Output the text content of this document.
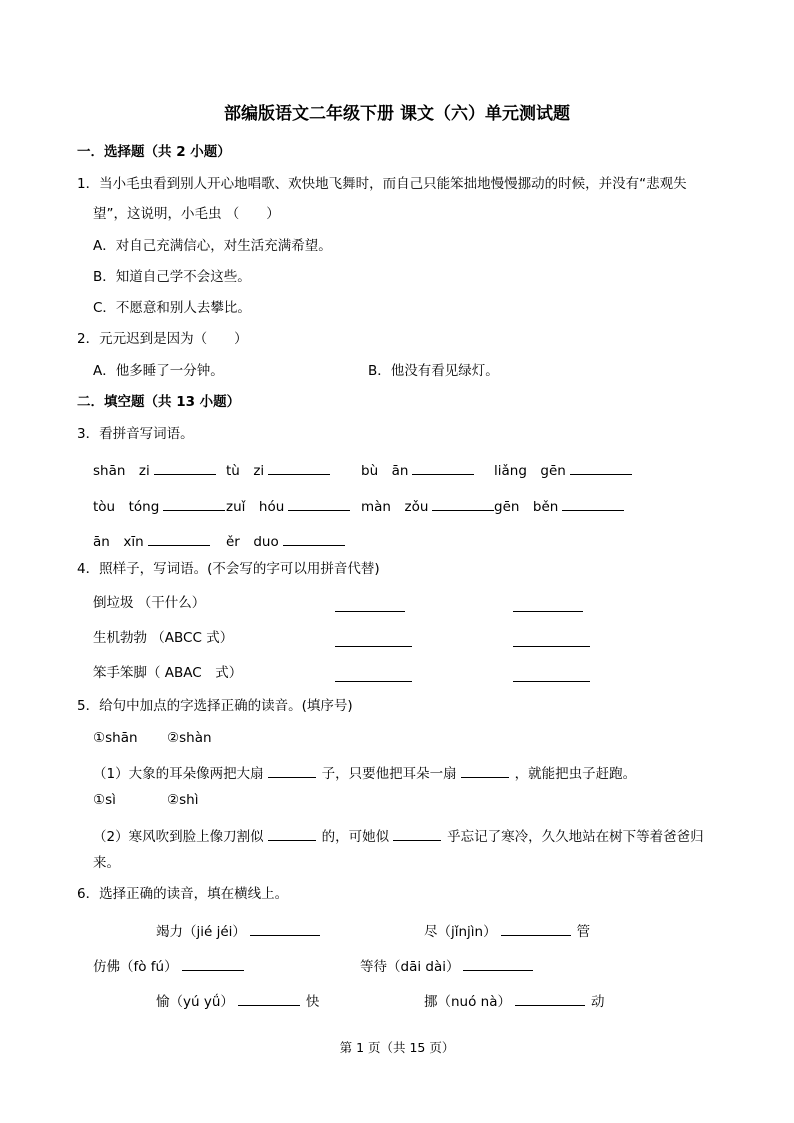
部编版语文二年级下册 课文（六）单元测试题
一．选择题（共 2 小题）
1．当小毛虫看到别人开心地唱歌、欢快地飞舞时，而自己只能笨拙地慢慢挪动的时候，并没有“悲观失
望”，这说明，小毛虫 （　　）
A．对自己充满信心，对生活充满希望。
B．知道自己学不会这些。
C．不愿意和别人去攀比。
2．元元迟到是因为（　　）
A．他多睡了一分钟。	B．他没有看见绿灯。
二．填空题（共 13 小题）
3．看拼音写词语。
shān　zi	tù　zi	bù　ān	liǎng　gēn
tòu　tóng	zuǐ　hóu	màn　zǒu	gēn　běn
ān　xīn	ěr　duo
4．照样子，写词语。(不会写的字可以用拼音代替)
倒垃圾 （干什么）
生机勃勃 （ABCC 式）
笨手笨脚（ ABAC　式）
5．给句中加点的字选择正确的读音。(填序号)
①shān ②shàn
（1）大象的耳朵像两把大扇	子，只要他把耳朵一扇	，就能把虫子赶跑。
①sì	②shì
（2）寒风吹到脸上像刀割似	的，可她似	乎忘记了寒冷，久久地站在树下等着爸爸归
来。
6．选择正确的读音，填在横线上。
竭力（jié jéi）	尽（jǐnjìn）	管
仿佛（fò fú）	等待（dāi dài）
愉（yú yǘ）	快	挪（nuó nà）	动
第 1 页（共 15 页）
